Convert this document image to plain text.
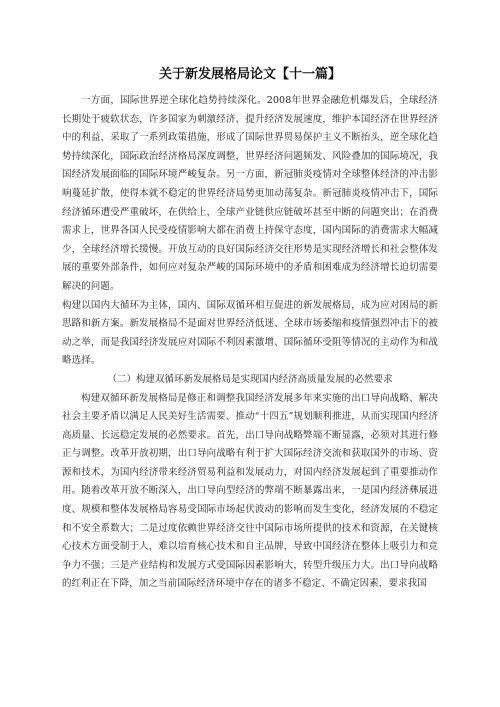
关于新发展格局论文【十一篇】

一方面，国际世界逆全球化趋势持续深化。2008年世界金融危机爆发后，全球经济长期处于疲软状态，许多国家为刺激经济、提升经济发展速度，维护本国经济在世界经济中的利益，采取了一系列政策措施，形成了国际世界贸易保护主义不断抬头，逆全球化趋势持续深化，国际政治经济格局深度调整，世界经济问题频发、风险叠加的国际境况，我国经济发展面临的国际环境严峻复杂。另一方面，新冠肺炎疫情对全球整体经济的冲击影响蔓延扩散，使得本就不稳定的世界经济局势更加动荡复杂。新冠肺炎疫情冲击下，国际经济循环遭受严重破坏，在供给上，全球产业链供应链破坏甚至中断的问题突出；在消费需求上，世界各国人民受疫情影响大都在消费上持保守态度，国内国际的消费需求大幅减少，全球经济增长缓慢。开放互动的良好国际经济交往形势是实现经济增长和社会整体发展的重要外部条件，如何应对复杂严峻的国际环境中的矛盾和困难成为经济增长迫切需要解决的问题。

构建以国内大循环为主体，国内、国际双循环相互促进的新发展格局，成为应对困局的新思路和新方案。新发展格局不是面对世界经济低迷、全球市场萎缩和疫情强烈冲击下的被动之举，而是我国经济发展应对国际不利因素激增、国际循环受阻等情况的主动作为和战略选择。

（二）构建双循环新发展格局是实现国内经济高质量发展的必然要求

构建双循环新发展格局是修正和调整我国经济发展多年来实施的出口导向战略、解决社会主要矛盾以满足人民美好生活需要、推动“十四五”规划顺利推进，从而实现国内经济高质量、长远稳定发展的必然要求。首先，出口导向战略弊端不断显露，必须对其进行修正与调整。改革开放初期，出口导向战略有利于扩大国际经济交流和获取国外的市场、资源和技术，为国内经济带来经济贸易利益和发展动力，对国内经济发展起到了重要推动作用。随着改革开放不断深入，出口导向型经济的弊端不断暴露出来，一是国内经济彝展进度、规模和整体发展格局容易受国际市场起伏波动的影响而发生变化，经济发展的不稳定和不安全系数大；二是过度依赖世界经济交往中国际市场所提供的技术和资源，在关键核心技术方面受制于人，难以培育核心技术和自主品牌，导致中国经济在整体上吸引力和竞争力不强；三是产业结构和发展方式受国际因素影响大，转型升级压力大。出口导向战略的红利正在下降，加之当前国际经济环境中存在的诸多不稳定、不确定因素，要求我国
